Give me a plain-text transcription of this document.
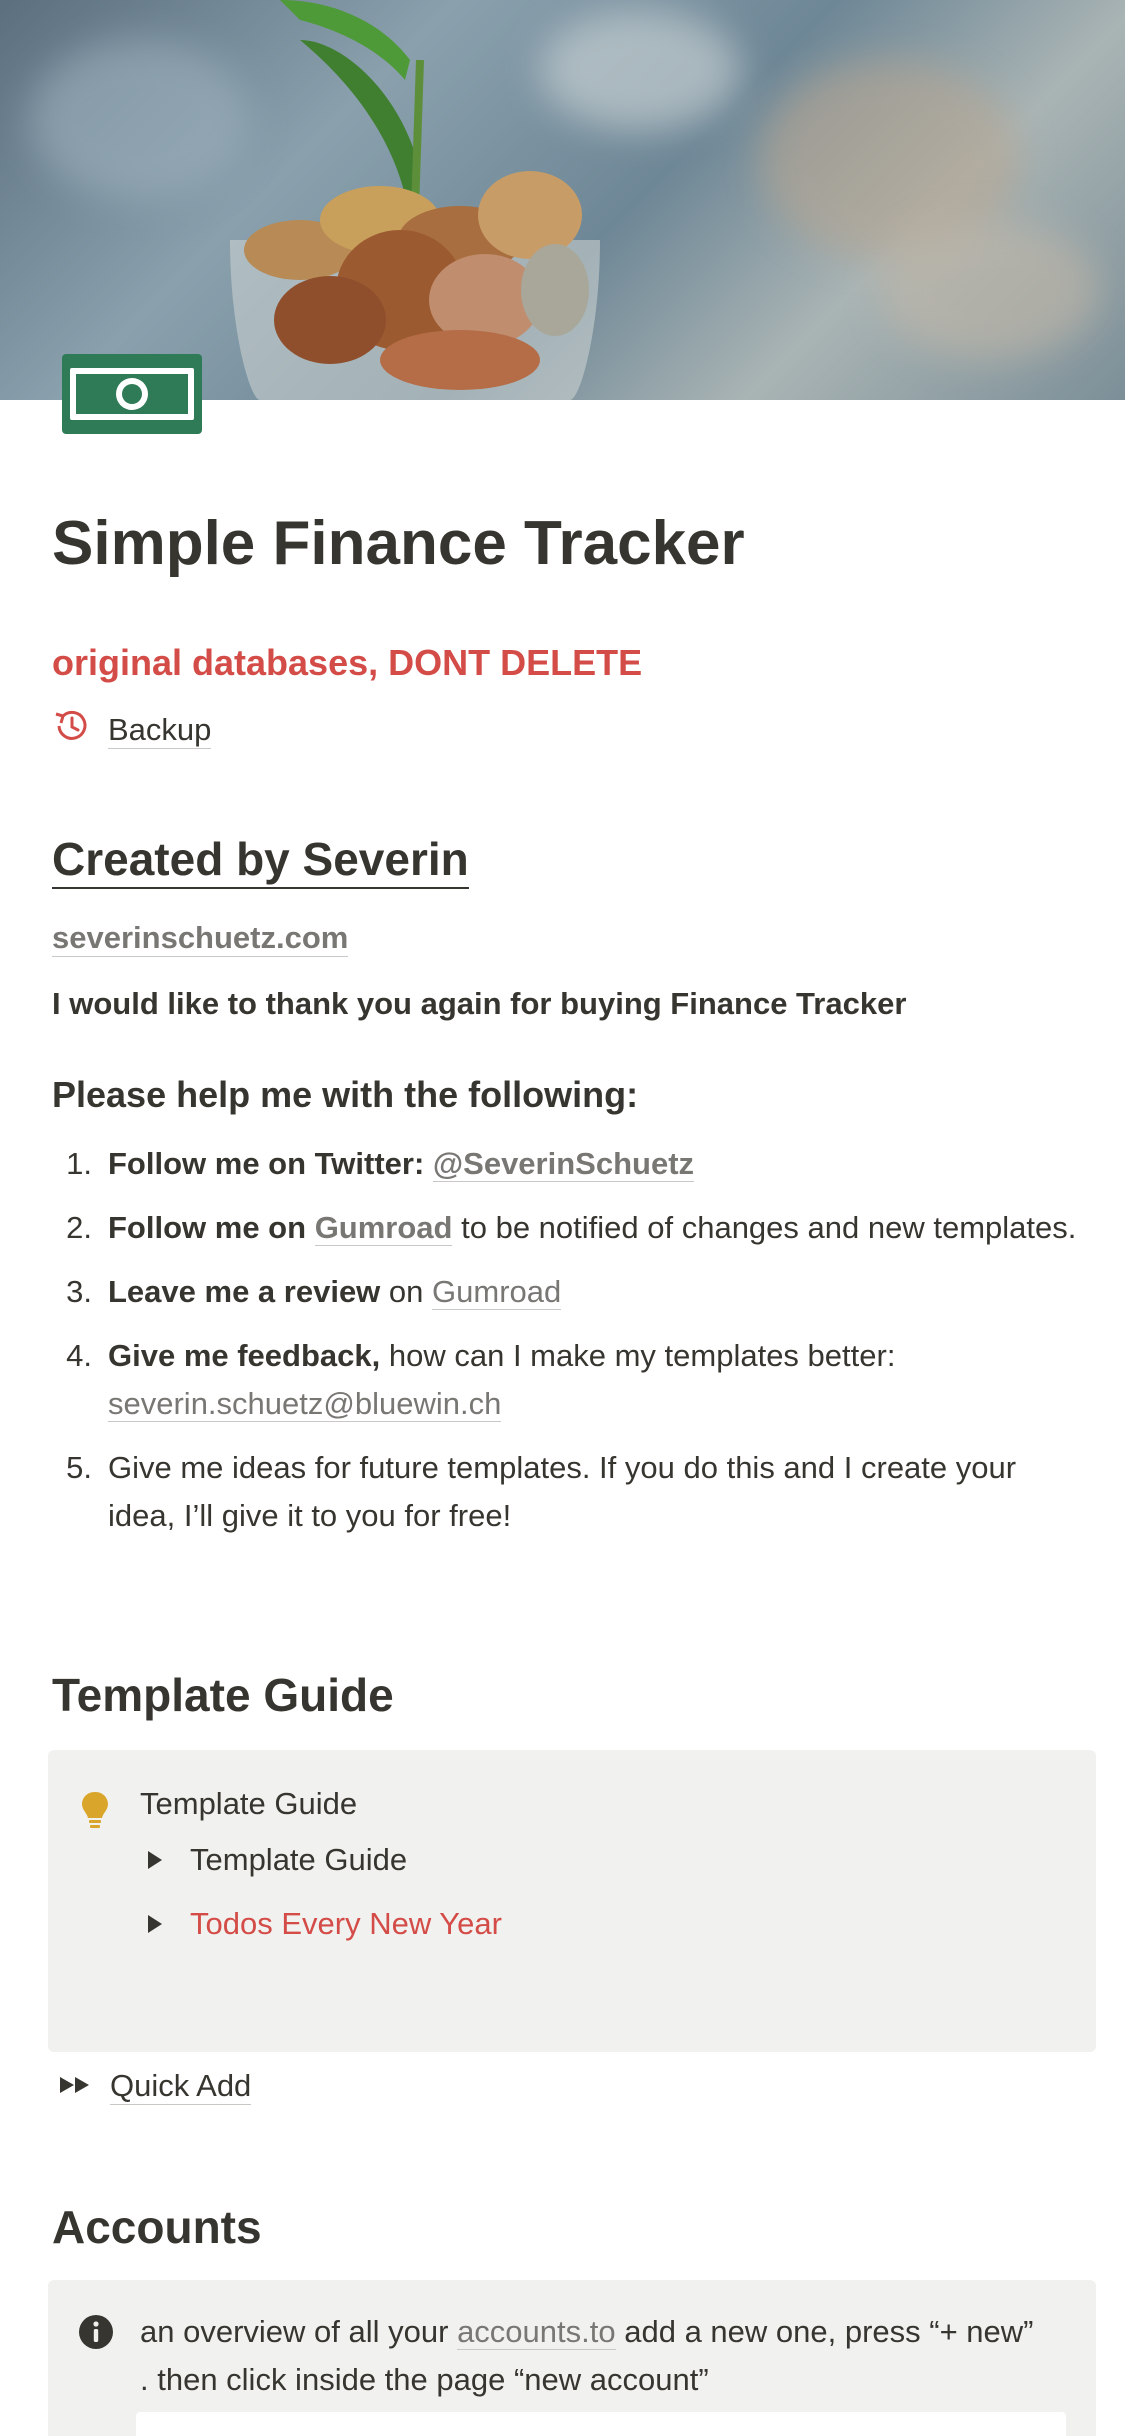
Simple Finance Tracker
original databases, DONT DELETE
Backup
Created by Severin
severinschuetz.com

I would like to thank you again for buying Finance Tracker

Please help me with the following:
1. Follow me on Twitter: @SeverinSchuetz
2. Follow me on Gumroad to be notified of changes and new templates.
3. Leave me a review on Gumroad
4. Give me feedback, how can I make my templates better:
severin.schuetz@bluewin.ch
5. Give me ideas for future templates. If you do this and I create your idea, I’ll give it to you for free!
Template Guide
Template Guide
Template Guide
Todos Every New Year
Quick Add
Accounts

an overview of all your accounts.to add a new one, press “+ new” . then click inside the page “new account”
